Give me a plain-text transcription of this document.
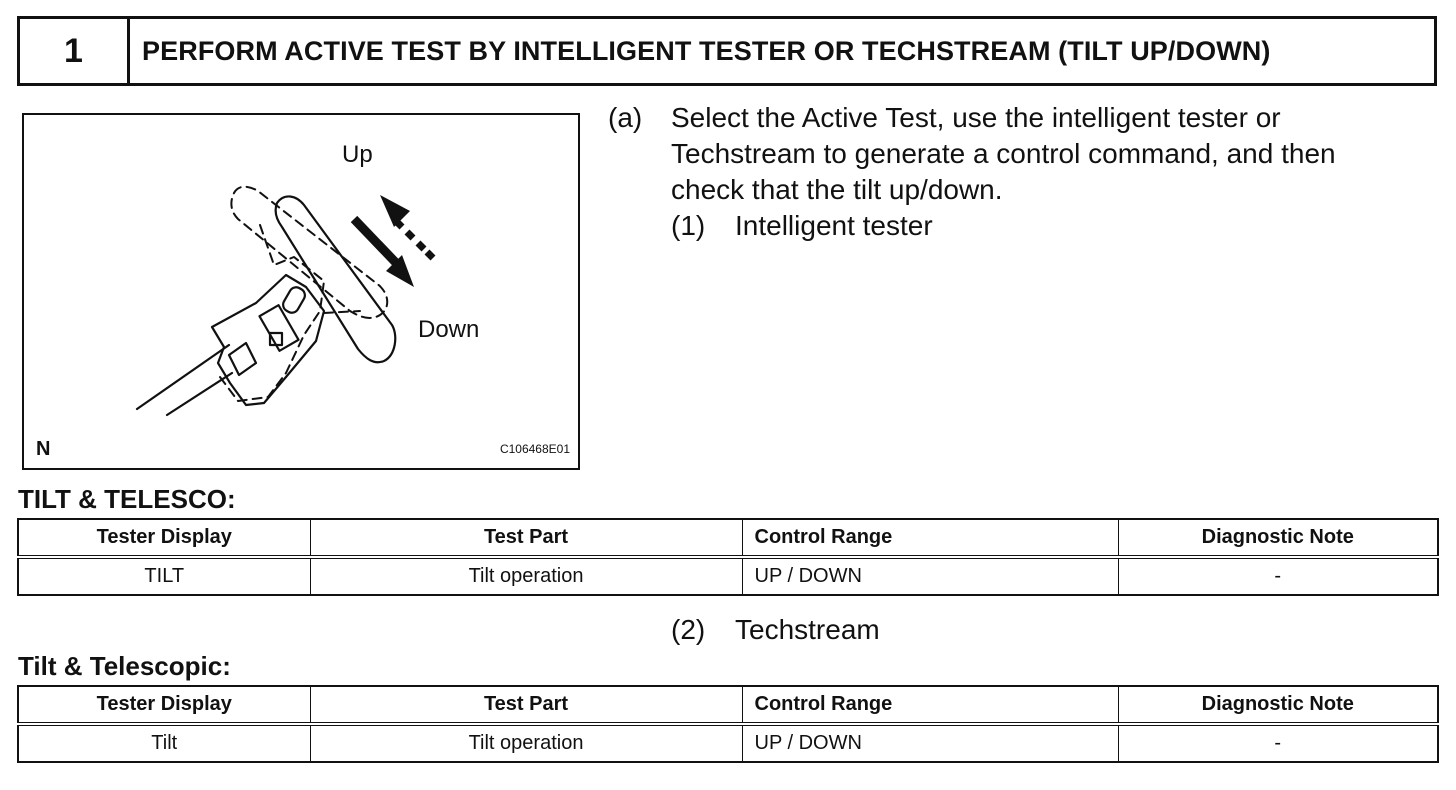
1	PERFORM ACTIVE TEST BY INTELLIGENT TESTER OR TECHSTREAM (TILT UP/DOWN)
Up
Down
N	C106468E01
(a) Select the Active Test, use the intelligent tester or
Techstream to generate a control command, and then
check that the tilt up/down.
(1) Intelligent tester
TILT & TELESCO:
Tester Display	Test Part	Control Range	Diagnostic Note
TILT	Tilt operation	UP / DOWN	-
(2) Techstream
Tilt & Telescopic:
Tester Display	Test Part	Control Range	Diagnostic Note
Tilt	Tilt operation	UP / DOWN	-
